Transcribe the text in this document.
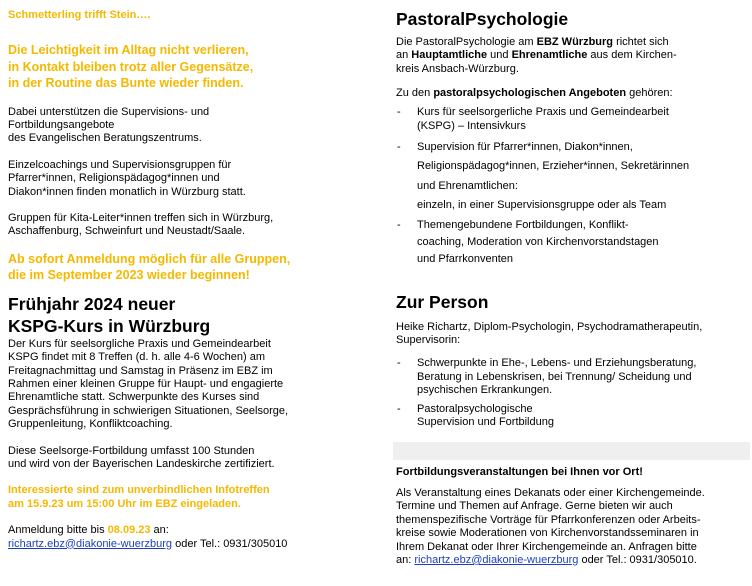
Schmetterling trifft Stein….

Die Leichtigkeit im Alltag nicht verlieren,
in Kontakt bleiben trotz aller Gegensätze,
in der Routine das Bunte wieder finden.

Dabei unterstützen die Supervisions- und
Fortbildungsangebote
des Evangelischen Beratungszentrums.

Einzelcoachings und Supervisionsgruppen für
Pfarrer*innen, Religionspädagog*innen und
Diakon*innen finden monatlich in Würzburg statt.

Gruppen für Kita-Leiter*innen treffen sich in Würzburg,
Aschaffenburg, Schweinfurt und Neustadt/Saale.

Ab sofort Anmeldung möglich für alle Gruppen,
die im September 2023 wieder beginnen!

Frühjahr 2024 neuer
KSPG-Kurs in Würzburg

Der Kurs für seelsorgliche Praxis und Gemeindearbeit
KSPG findet mit 8 Treffen (d. h. alle 4-6 Wochen) am
Freitagnachmittag und Samstag in Präsenz im EBZ im
Rahmen einer kleinen Gruppe für Haupt- und engagierte
Ehrenamtliche statt. Schwerpunkte des Kurses sind
Gesprächsführung in schwierigen Situationen, Seelsorge,
Gruppenleitung, Konfliktcoaching.

Diese Seelsorge-Fortbildung umfasst 100 Stunden
und wird von der Bayerischen Landeskirche zertifiziert.

Interessierte sind zum unverbindlichen Infotreffen
am 15.9.23 um 15:00 Uhr im EBZ eingeladen.

Anmeldung bitte bis 08.09.23 an:
richartz.ebz@diakonie-wuerzburg oder Tel.: 0931/305010

PastoralPsychologie

Die PastoralPsychologie am EBZ Würzburg richtet sich
an Hauptamtliche und Ehrenamtliche aus dem Kirchen-
kreis Ansbach-Würzburg.

Zu den pastoralpsychologischen Angeboten gehören:

- Kurs für seelsorgerliche Praxis und Gemeindearbeit
(KSPG) – Intensivkurs
- Supervision für Pfarrer*innen, Diakon*innen,
Religionspädagog*innen, Erzieher*innen, Sekretärinnen
und Ehrenamtlichen:
einzeln, in einer Supervisionsgruppe oder als Team
- Themengebundene Fortbildungen, Konflikt-
coaching, Moderation von Kirchenvorstandstagen
und Pfarrkonventen

Zur Person

Heike Richartz, Diplom-Psychologin, Psychodramatherapeutin,
Supervisorin:

- Schwerpunkte in Ehe-, Lebens- und Erziehungsberatung,
Beratung in Lebenskrisen, bei Trennung/ Scheidung und
psychischen Erkrankungen.
- Pastoralpsychologische
Supervision und Fortbildung

Fortbildungsveranstaltungen bei Ihnen vor Ort!

Als Veranstaltung eines Dekanats oder einer Kirchengemeinde.
Termine und Themen auf Anfrage. Gerne bieten wir auch
themenspezifische Vorträge für Pfarrkonferenzen oder Arbeits-
kreise sowie Moderationen von Kirchenvorstandsseminaren in
Ihrem Dekanat oder Ihrer Kirchengemeinde an. Anfragen bitte
an: richartz.ebz@diakonie-wuerzburg oder Tel.: 0931/305010.
